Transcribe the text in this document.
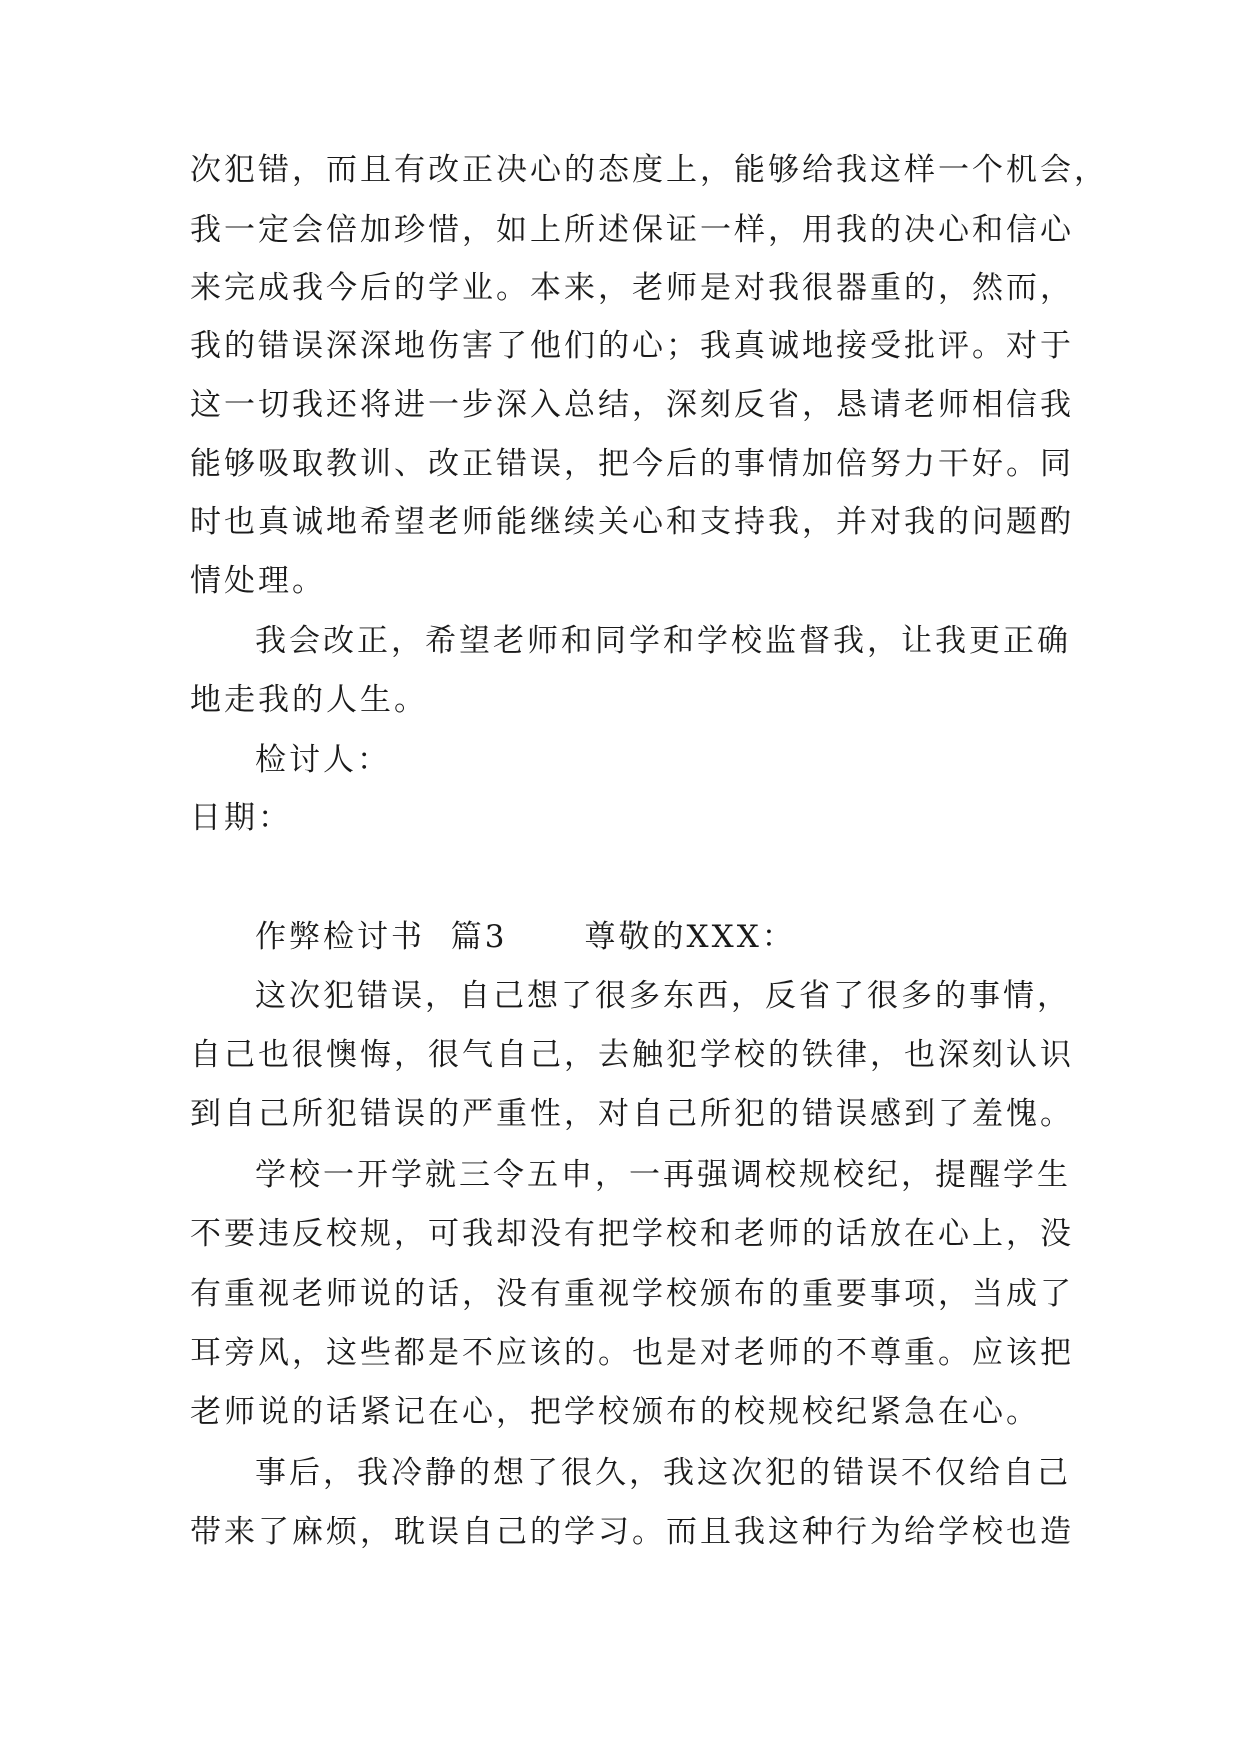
次犯错，而且有改正决心的态度上，能够给我这样一个机会，
我一定会倍加珍惜，如上所述保证一样，用我的决心和信心
来完成我今后的学业。本来，老师是对我很器重的，然而，
我的错误深深地伤害了他们的心；我真诚地接受批评。对于
这一切我还将进一步深入总结，深刻反省，恳请老师相信我
能够吸取教训、改正错误，把今后的事情加倍努力干好。同
时也真诚地希望老师能继续关心和支持我，并对我的问题酌
情处理。
我会改正，希望老师和同学和学校监督我，让我更正确
地走我的人生。
检讨人：
日期：
作弊检讨书  篇3      尊敬的XXX：
这次犯错误，自己想了很多东西，反省了很多的事情，
自己也很懊悔，很气自己，去触犯学校的铁律，也深刻认识
到自己所犯错误的严重性，对自己所犯的错误感到了羞愧。
学校一开学就三令五申，一再强调校规校纪，提醒学生
不要违反校规，可我却没有把学校和老师的话放在心上，没
有重视老师说的话，没有重视学校颁布的重要事项，当成了
耳旁风，这些都是不应该的。也是对老师的不尊重。应该把
老师说的话紧记在心，把学校颁布的校规校纪紧急在心。
事后，我冷静的想了很久，我这次犯的错误不仅给自己
带来了麻烦，耽误自己的学习。而且我这种行为给学校也造
